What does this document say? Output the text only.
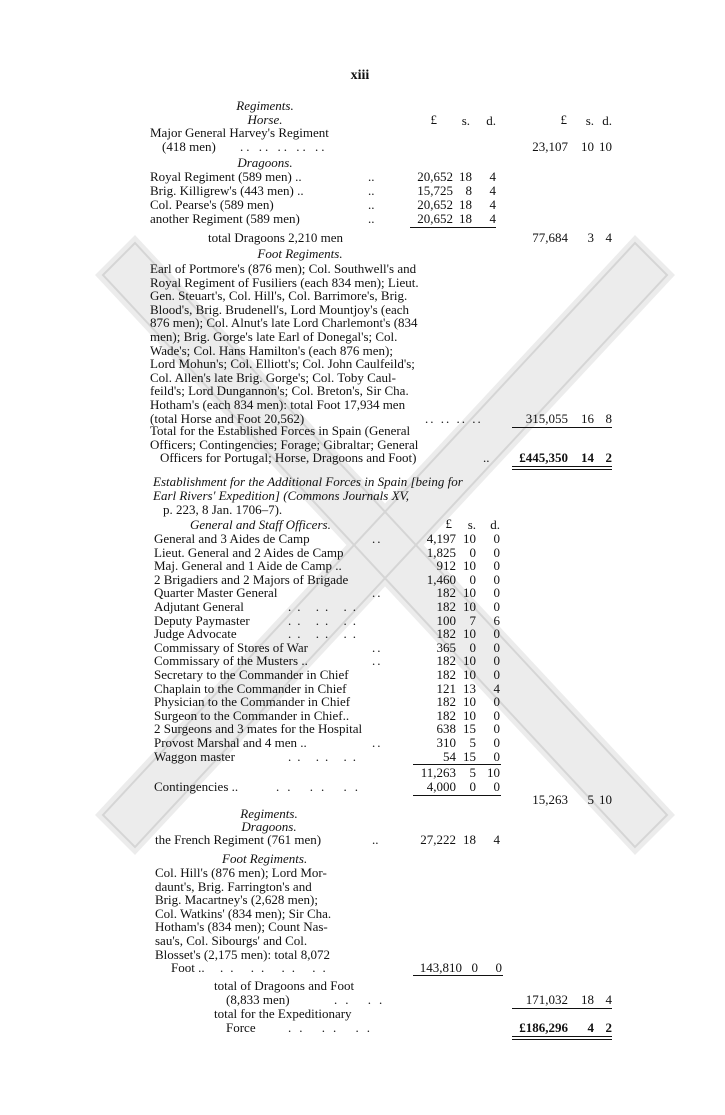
xiii
Regiments.
Horse.	£	s.	d.	£	s. d.
Major General Harvey's Regiment
(418 men) .. .. .. .. ..	23,107	10 10
Dragoons.
Royal Regiment (589 men) ..	..	20,652 18	4
Brig. Killigrew's (443 men) ..	..	15,725 8	4
Col. Pearse's (589 men)	..	20,652 18	4
another Regiment (589 men)	..	20,652 18	4
total Dragoons 2,210 men	77,684	3 4
Foot Regiments.
Earl of Portmore's (876 men); Col. Southwell's and
Royal Regiment of Fusiliers (each 834 men); Lieut.
Gen. Steuart's, Col. Hill's, Col. Barrimore's, Brig.
Blood's, Brig. Brudenell's, Lord Mountjoy's (each
876 men); Col. Alnut's late Lord Charlemont's (834
men); Brig. Gorge's late Earl of Donegal's; Col.
Wade's; Col. Hans Hamilton's (each 876 men);
Lord Mohun's; Col. Elliott's; Col. John Caulfeild's;
Col. Allen's late Brig. Gorge's; Col. Toby Caul-
feild's; Lord Dungannon's; Col. Breton's, Sir Cha.
Hotham's (each 834 men): total Foot 17,934 men
(total Horse and Foot 20,562)	.. .. .. ..	315,055	16 8
Total for the Established Forces in Spain (General
Officers; Contingencies; Forage; Gibraltar; General
Officers for Portugal; Horse, Dragoons and Foot)	..	£445,350	14 2
Establishment for the Additional Forces in Spain [being for
Earl Rivers' Expedition] (Commons Journals XV,
p. 223, 8 Jan. 1706–7).
General and Staff Officers.	£	s.	d.
General and 3 Aides de Camp	..	4,197 10	0
Lieut. General and 2 Aides de Camp	1,825	0	0
Maj. General and 1 Aide de Camp ..	912 10	0
2 Brigadiers and 2 Majors of Brigade	1,460	0	0
Quarter Master General	..	182 10	0
Adjutant General	.. .. ..	182 10	0
Deputy Paymaster	.. .. ..	100	7	6
Judge Advocate	.. .. ..	182 10	0
Commissary of Stores of War	..	365	0	0
Commissary of the Musters ..	..	182 10	0
Secretary to the Commander in Chief	182 10	0
Chaplain to the Commander in Chief	121 13	4
Physician to the Commander in Chief	182 10	0
Surgeon to the Commander in Chief..	182 10	0
2 Surgeons and 3 mates for the Hospital	638 15	0
Provost Marshal and 4 men ..	..	310	5	0
Waggon master	.. .. ..	54 15	0
11,263	5 10
Contingencies ..	.. .. ..	4,000	0	0
15,263	5 10
Regiments.
Dragoons.
the French Regiment (761 men)	..	27,222 18	4
Foot Regiments.
Col. Hill's (876 men); Lord Mor-
daunt's, Brig. Farrington's and
Brig. Macartney's (2,628 men);
Col. Watkins' (834 men); Sir Cha.
Hotham's (834 men); Count Nas-
sau's, Col. Sibourgs' and Col.
Blosset's (2,175 men): total 8,072
Foot .. .. .. .. ..	143,810 0	0
total of Dragoons and Foot
(8,833 men)	.. ..	171,032	18 4
total for the Expeditionary
Force .. .. ..	£186,296	4 2
